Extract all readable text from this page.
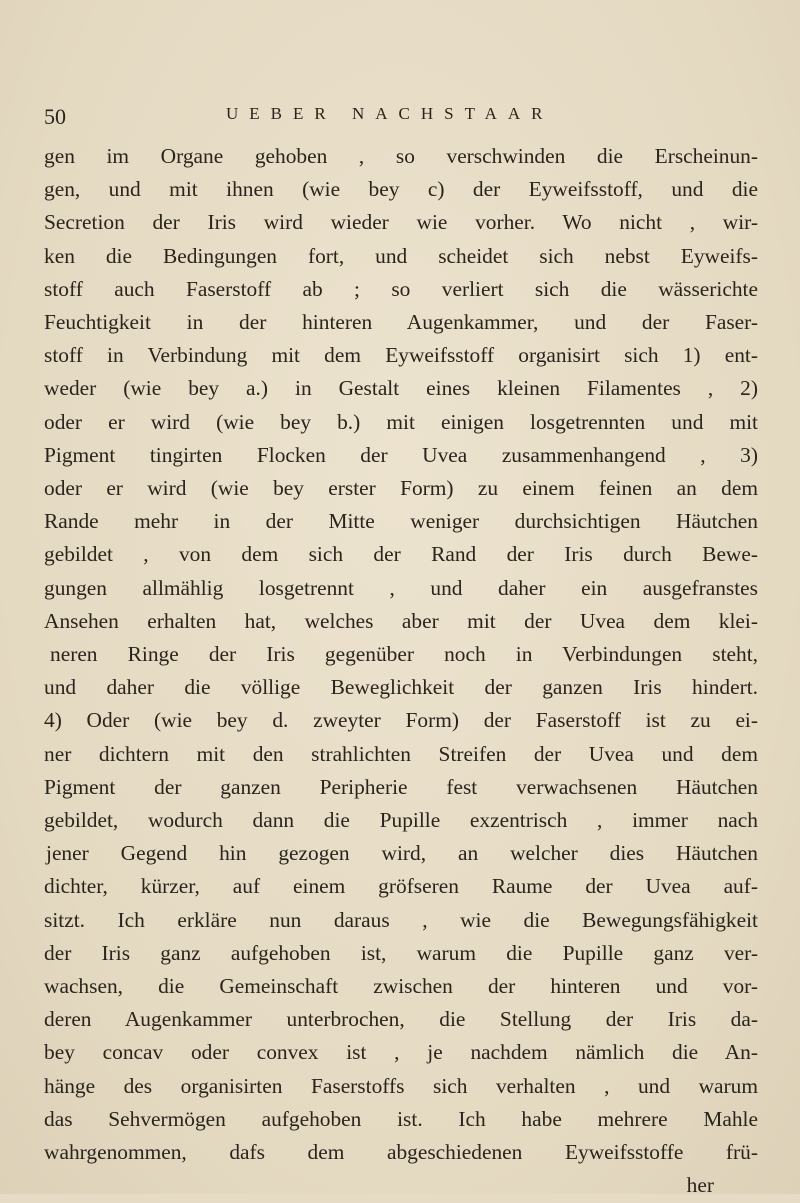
50	UEBER NACHSTAAR
gen im Organe gehoben , so verschwinden die Erscheinun-
gen, und mit ihnen (wie bey c) der Eyweifsstoff, und die
Secretion der Iris wird wieder wie vorher. Wo nicht , wir-
ken die Bedingungen fort, und scheidet sich nebst Eyweifs-
stoff auch Faserstoff ab ; so verliert sich die wässerichte
Feuchtigkeit in der hinteren Augenkammer, und der Faser-
stoff in Verbindung mit dem Eyweifsstoff organisirt sich 1) ent-
weder (wie bey a.) in Gestalt eines kleinen Filamentes , 2)
oder er wird (wie bey b.) mit einigen losgetrennten und mit
Pigment tingirten Flocken der Uvea zusammenhangend , 3)
oder er wird (wie bey erster Form) zu einem feinen an dem
Rande mehr in der Mitte weniger durchsichtigen Häutchen
gebildet , von dem sich der Rand der Iris durch Bewe-
gungen allmählig losgetrennt , und daher ein ausgefranstes
Ansehen erhalten hat, welches aber mit der Uvea dem klei-
neren Ringe der Iris gegenüber noch in Verbindungen steht,
und daher die völlige Beweglichkeit der ganzen Iris hindert.
4) Oder (wie bey d. zweyter Form) der Faserstoff ist zu ei-
ner dichtern mit den strahlichten Streifen der Uvea und dem
Pigment der ganzen Peripherie fest verwachsenen Häutchen
gebildet, wodurch dann die Pupille exzentrisch , immer nach
jener Gegend hin gezogen wird, an welcher dies Häutchen
dichter, kürzer, auf einem gröfseren Raume der Uvea auf-
sitzt. Ich erkläre nun daraus , wie die Bewegungsfähigkeit
der Iris ganz aufgehoben ist, warum die Pupille ganz ver-
wachsen, die Gemeinschaft zwischen der hinteren und vor-
deren Augenkammer unterbrochen, die Stellung der Iris da-
bey concav oder convex ist , je nachdem nämlich die An-
hänge des organisirten Faserstoffs sich verhalten , und warum
das Sehvermögen aufgehoben ist. Ich habe mehrere Mahle
wahrgenommen, dafs dem abgeschiedenen Eyweifsstoffe frü-
her
